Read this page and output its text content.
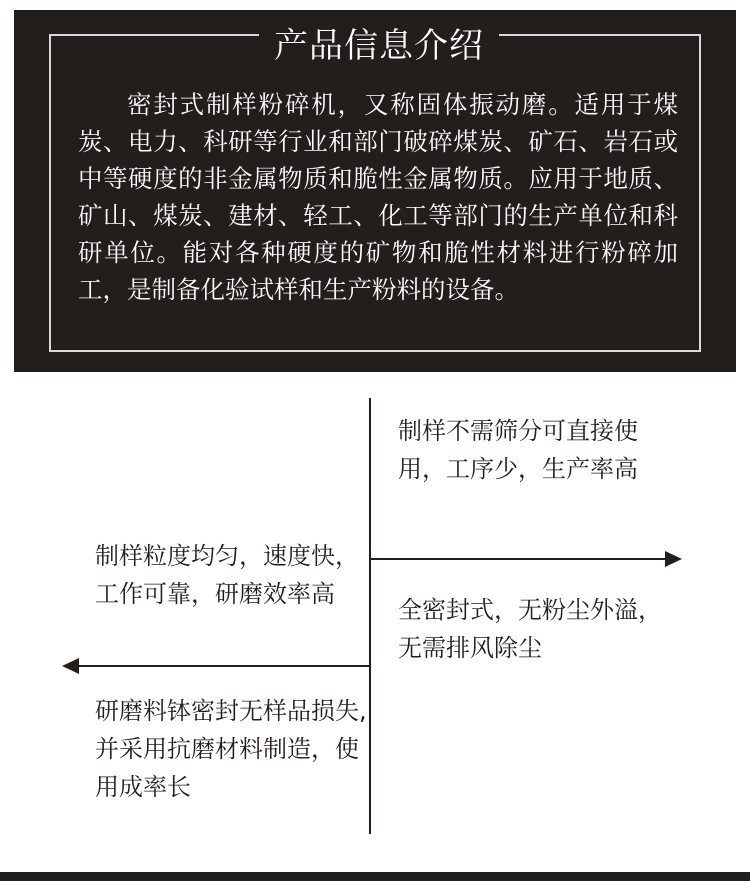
产品信息介绍

密封式制样粉碎机，又称固体振动磨。适用于煤炭、电力、科研等行业和部门破碎煤炭、矿石、岩石或中等硬度的非金属物质和脆性金属物质。应用于地质、矿山、煤炭、建材、轻工、化工等部门的生产单位和科研单位。能对各种硬度的矿物和脆性材料进行粉碎加工，是制备化验试样和生产粉料的设备。

制样不需筛分可直接使用，工序少，生产率高

制样粒度均匀，速度快，工作可靠，研磨效率高

全密封式，无粉尘外溢，无需排风除尘

研磨料钵密封无样品损失,并采用抗磨材料制造，使用成率长
